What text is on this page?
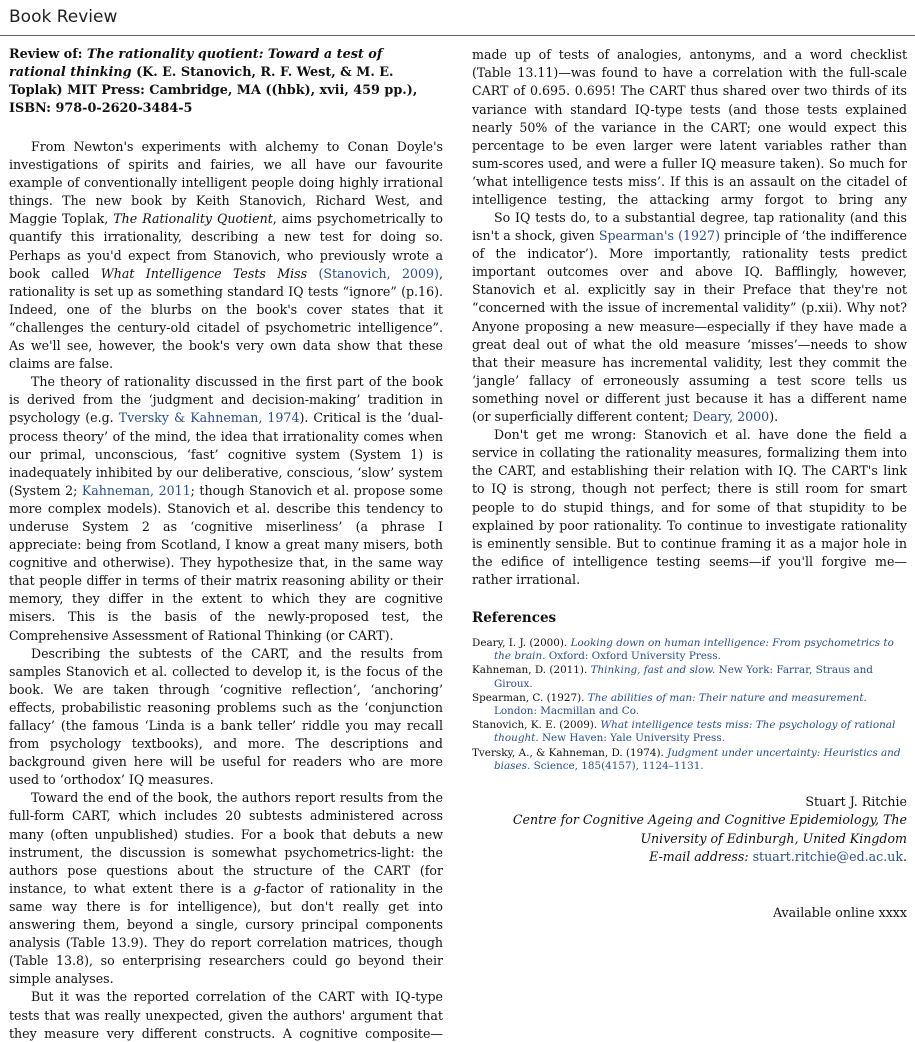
Book Review

Review of: The rationality quotient: Toward a test of rational thinking (K. E. Stanovich, R. F. West, & M. E. Toplak) MIT Press: Cambridge, MA ((hbk), xvii, 459 pp.), ISBN: 978-0-2620-3484-5

From Newton's experiments with alchemy to Conan Doyle's investigations of spirits and fairies, we all have our favourite example of conventionally intelligent people doing highly irrational things. The new book by Keith Stanovich, Richard West, and Maggie Toplak, The Rationality Quotient, aims psychometrically to quantify this irrationality, describing a new test for doing so. Perhaps as you'd expect from Stanovich, who previously wrote a book called What Intelligence Tests Miss (Stanovich, 2009), rationality is set up as something standard IQ tests “ignore” (p.16). Indeed, one of the blurbs on the book's cover states that it “challenges the century-old citadel of psychometric intelligence”. As we'll see, however, the book's very own data show that these claims are false.

The theory of rationality discussed in the first part of the book is derived from the ‘judgment and decision-making’ tradition in psychology (e.g. Tversky & Kahneman, 1974). Critical is the ‘dual-process theory’ of the mind, the idea that irrationality comes when our primal, unconscious, ‘fast’ cognitive system (System 1) is inadequately inhibited by our deliberative, conscious, ‘slow’ system (System 2; Kahneman, 2011; though Stanovich et al. propose some more complex models). Stanovich et al. describe this tendency to underuse System 2 as ‘cognitive miserliness’ (a phrase I appreciate: being from Scotland, I know a great many misers, both cognitive and otherwise). They hypothesize that, in the same way that people differ in terms of their matrix reasoning ability or their memory, they differ in the extent to which they are cognitive misers. This is the basis of the newly-proposed test, the Comprehensive Assessment of Rational Thinking (or CART).

Describing the subtests of the CART, and the results from samples Stanovich et al. collected to develop it, is the focus of the book. We are taken through ‘cognitive reflection’, ‘anchoring’ effects, probabilistic reasoning problems such as the ‘conjunction fallacy’ (the famous ‘Linda is a bank teller’ riddle you may recall from psychology textbooks), and more. The descriptions and background given here will be useful for readers who are more used to ‘orthodox’ IQ measures.

Toward the end of the book, the authors report results from the full-form CART, which includes 20 subtests administered across many (often unpublished) studies. For a book that debuts a new instrument, the discussion is somewhat psychometrics-light: the authors pose questions about the structure of the CART (for instance, to what extent there is a g-factor of rationality in the same way there is for intelligence), but don't really get into answering them, beyond a single, cursory principal components analysis (Table 13.9). They do report correlation matrices, though (Table 13.8), so enterprising researchers could go beyond their simple analyses.

But it was the reported correlation of the CART with IQ-type tests that was really unexpected, given the authors' argument that they measure very different constructs. A cognitive composite—

made up of tests of analogies, antonyms, and a word checklist (Table 13.11)—was found to have a correlation with the full-scale CART of 0.695. 0.695! The CART thus shared over two thirds of its variance with standard IQ-type tests (and those tests explained nearly 50% of the variance in the CART; one would expect this percentage to be even larger were latent variables rather than sum-scores used, and were a fuller IQ measure taken). So much for ‘what intelligence tests miss’. If this is an assault on the citadel of intelligence testing, the attacking army forgot to bring any

So IQ tests do, to a substantial degree, tap rationality (and this isn't a shock, given Spearman's (1927) principle of ‘the indifference of the indicator’). More importantly, rationality tests predict important outcomes over and above IQ. Bafflingly, however, Stanovich et al. explicitly say in their Preface that they're not “concerned with the issue of incremental validity” (p.xii). Why not? Anyone proposing a new measure—especially if they have made a great deal out of what the old measure ‘misses’—needs to show that their measure has incremental validity, lest they commit the ‘jangle’ fallacy of erroneously assuming a test score tells us something novel or different just because it has a different name (or superficially different content; Deary, 2000).

Don't get me wrong: Stanovich et al. have done the field a service in collating the rationality measures, formalizing them into the CART, and establishing their relation with IQ. The CART's link to IQ is strong, though not perfect; there is still room for smart people to do stupid things, and for some of that stupidity to be explained by poor rationality. To continue to investigate rationality is eminently sensible. But to continue framing it as a major hole in the edifice of intelligence testing seems—if you'll forgive me—rather irrational.

References

Deary, I. J. (2000). Looking down on human intelligence: From psychometrics to the brain. Oxford: Oxford University Press.

Kahneman, D. (2011). Thinking, fast and slow. New York: Farrar, Straus and Giroux.

Spearman, C. (1927). The abilities of man: Their nature and measurement. London: Macmillan and Co.

Stanovich, K. E. (2009). What intelligence tests miss: The psychology of rational thought. New Haven: Yale University Press.

Tversky, A., & Kahneman, D. (1974). Judgment under uncertainty: Heuristics and biases. Science, 185(4157), 1124–1131.

Stuart J. Ritchie
Centre for Cognitive Ageing and Cognitive Epidemiology, The University of Edinburgh, United Kingdom
E-mail address: stuart.ritchie@ed.ac.uk.
Available online xxxx
